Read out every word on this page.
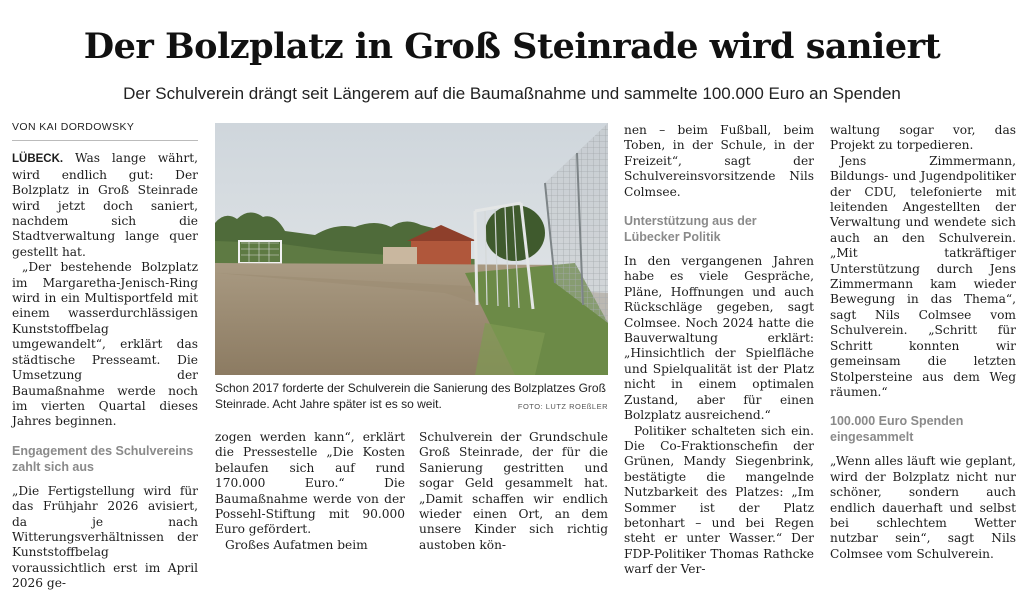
Der Bolzplatz in Groß Steinrade wird saniert

Der Schulverein drängt seit Längerem auf die Baumaßnahme und sammelte 100.000 Euro an Spenden

VON KAI DORDOWSKY

LÜBECK. Was lange währt, wird endlich gut: Der Bolzplatz in Groß Steinrade wird jetzt doch saniert, nachdem sich die Stadtverwaltung lange quer gestellt hat.

„Der bestehende Bolzplatz im Margaretha-Jenisch-Ring wird in ein Multisportfeld mit einem wasserdurchlässigen Kunststoffbelag umgewandelt“, erklärt das städtische Presseamt. Die Umsetzung der Baumaßnahme werde noch im vierten Quartal dieses Jahres beginnen.

Engagement des Schulvereins zahlt sich aus

„Die Fertigstellung wird für das Frühjahr 2026 avisiert, da je nach Witterungsverhältnissen der Kunststoffbelag voraussichtlich erst im April 2026 ge-

Schon 2017 forderte der Schulverein die Sanierung des Bolzplatzes Groß Steinrade. Acht Jahre später ist es so weit.	FOTO: LUTZ ROEßLER

zogen werden kann“, erklärt die Pressestelle „Die Kosten belaufen sich auf rund 170.000 Euro.“ Die Baumaßnahme werde von der Possehl-Stiftung mit 90.000 Euro gefördert.

Großes Aufatmen beim

Schulverein der Grundschule Groß Steinrade, der für die Sanierung gestritten und sogar Geld gesammelt hat. „Damit schaffen wir endlich wieder einen Ort, an dem unsere Kinder sich richtig austoben kön-

nen – beim Fußball, beim Toben, in der Schule, in der Freizeit“, sagt der Schulvereinsvorsitzende Nils Colmsee.

Unterstützung aus der Lübecker Politik

In den vergangenen Jahren habe es viele Gespräche, Pläne, Hoffnungen und auch Rückschläge gegeben, sagt Colmsee. Noch 2024 hatte die Bauverwaltung erklärt: „Hinsichtlich der Spielfläche und Spielqualität ist der Platz nicht in einem optimalen Zustand, aber für einen Bolzplatz ausreichend.“

Politiker schalteten sich ein. Die Co-Fraktionschefin der Grünen, Mandy Siegenbrink, bestätigte die mangelnde Nutzbarkeit des Platzes: „Im Sommer ist der Platz betonhart – und bei Regen steht er unter Wasser.“ Der FDP-Politiker Thomas Rathcke warf der Ver-

waltung sogar vor, das Projekt zu torpedieren.

Jens Zimmermann, Bildungs- und Jugendpolitiker der CDU, telefonierte mit leitenden Angestellten der Verwaltung und wendete sich auch an den Schulverein. „Mit tatkräftiger Unterstützung durch Jens Zimmermann kam wieder Bewegung in das Thema“, sagt Nils Colmsee vom Schulverein. „Schritt für Schritt konnten wir gemeinsam die letzten Stolpersteine aus dem Weg räumen.“

100.000 Euro Spenden eingesammelt

„Wenn alles läuft wie geplant, wird der Bolzplatz nicht nur schöner, sondern auch endlich dauerhaft und selbst bei schlechtem Wetter nutzbar sein“, sagt Nils Colmsee vom Schulverein.
